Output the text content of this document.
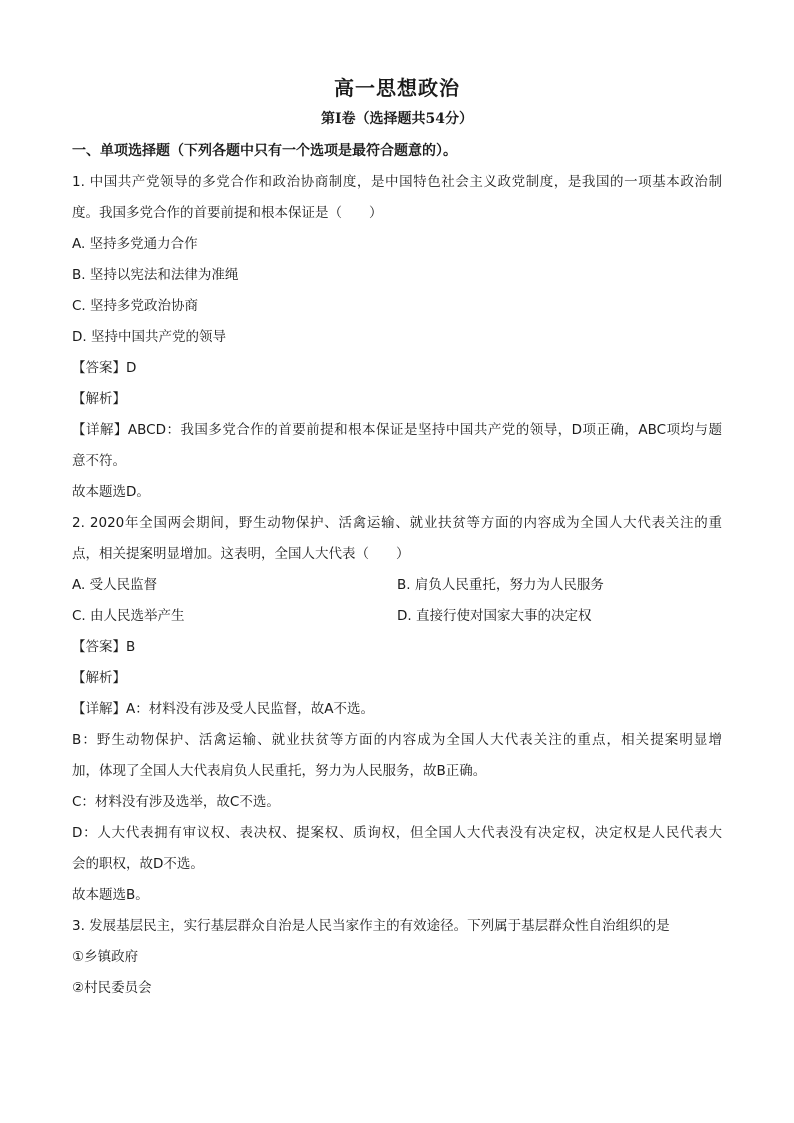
高一思想政治
第Ⅰ卷（选择题共54分）
一、单项选择题（下列各题中只有一个选项是最符合题意的）。
1. 中国共产党领导的多党合作和政治协商制度，是中国特色社会主义政党制度，是我国的一项基本政治制
度。我国多党合作的首要前提和根本保证是（　　）
A. 坚持多党通力合作
B. 坚持以宪法和法律为准绳
C. 坚持多党政治协商
D. 坚持中国共产党的领导
【答案】D
【解析】
【详解】ABCD：我国多党合作的首要前提和根本保证是坚持中国共产党的领导，D项正确，ABC项均与题
意不符。
故本题选D。
2. 2020年全国两会期间，野生动物保护、活禽运输、就业扶贫等方面的内容成为全国人大代表关注的重
点，相关提案明显增加。这表明，全国人大代表（　　）
A. 受人民监督	B. 肩负人民重托，努力为人民服务
C. 由人民选举产生	D. 直接行使对国家大事的决定权
【答案】B
【解析】
【详解】A：材料没有涉及受人民监督，故A不选。
B：野生动物保护、活禽运输、就业扶贫等方面的内容成为全国人大代表关注的重点，相关提案明显增
加，体现了全国人大代表肩负人民重托，努力为人民服务，故B正确。
C：材料没有涉及选举，故C不选。
D：人大代表拥有审议权、表决权、提案权、质询权，但全国人大代表没有决定权，决定权是人民代表大
会的职权，故D不选。
故本题选B。
3. 发展基层民主，实行基层群众自治是人民当家作主的有效途径。下列属于基层群众性自治组织的是
①乡镇政府
②村民委员会
